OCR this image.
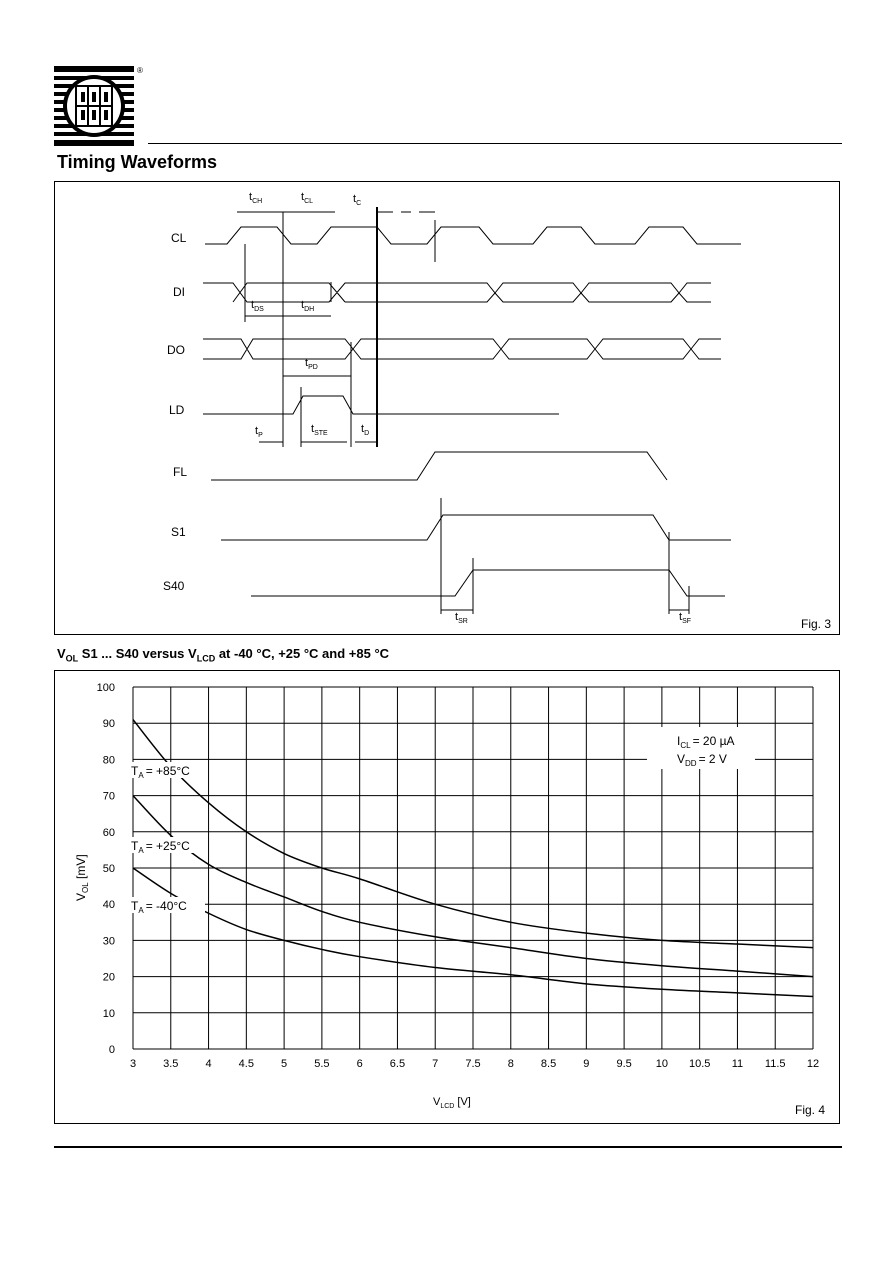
®
Timing Waveforms
CL
DI
DO
LD
FL
S1
S40
$t_{CH}$	$t_{CL}$	$t_C$
$t_{DS}$	$t_{DH}$
$t_{PD}$
$t_P$
$t_{STE}$	$t_D$
$t_{SR}$	$t_{SF}$	Fig. 3
$V_{OL}$ S1 ... S40 versus $V_{LCD}$ at -40 °C, +25 °C and +85 °C
3 3.5 4 4.5 5 5.5 6 6.5 7 7.5 8 8.5 9 9.5 10 10.5 11 11.5 12
100
90
80
70
60
50
40
30
20
10
0
$V_{OL}$ [mV]
$V_{LCD}$ [V]
$I_{CL} = 20$ µA
$V_{DD} = 2$ V
$T_A = +85^\circ C$
$T_A = +25^\circ C$
$T_A = -40^\circ C$
Fig. 4
